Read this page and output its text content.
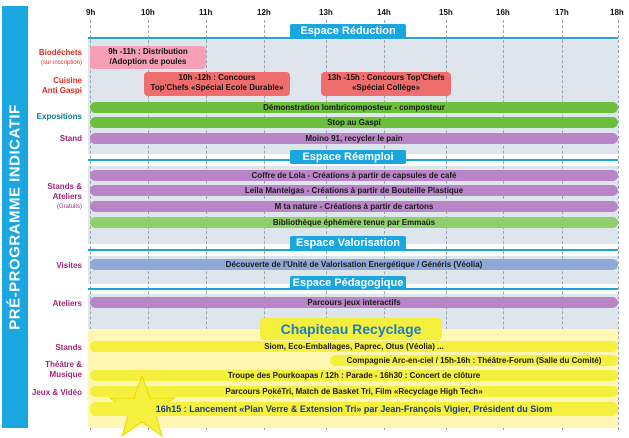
PRÉ-PROGRAMME INDICATIF
9h	10h	11h	12h	13h	14h	15h	16h	17h	18h
Espace Réduction
Biodéchets
(sur inscription)
9h -11h : Distribution
/Adoption de poules
Cuisine
Anti Gaspi
10h -12h : Concours
Top'Chefs «Spécial Ecole Durable»
13h -15h : Concours Top'Chefs
«Spécial Collège»
Expositions
Démonstration lombricomposteur - composteur
Stop au Gaspi
Stand	Moino 91, recycler le pain
Espace Réemploi
Stands &
Ateliers
(Gratuits)
Coffre de Lola - Créations à partir de capsules de café
Leila Manteigas - Créations à partir de Bouteille Plastique
M ta nature - Créations à partir de cartons
Bibliothèque éphémère tenue par Emmaüs
Espace Valorisation
Visites	Découverte de l'Unité de Valorisation Energétique / Généris (Véolia)
Espace Pédagogique
Ateliers	Parcours jeux interactifs
Chapiteau Recyclage
Stands	Siom, Eco-Emballages, Paprec, Otus (Véolia) ...
Théâtre &
Musique
Compagnie Arc-en-ciel / 15h-16h : Théâtre-Forum (Salle du Comité)
Troupe des Pourkoapas / 12h : Parade - 16h30 : Concert de clôture
Jeux & Vidéo	Parcours PokéTri, Match de Basket Tri, Film «Recyclage High Tech»
16h15 : Lancement «Plan Verre & Extension Tri» par Jean-François Vigier, Président du Siom
